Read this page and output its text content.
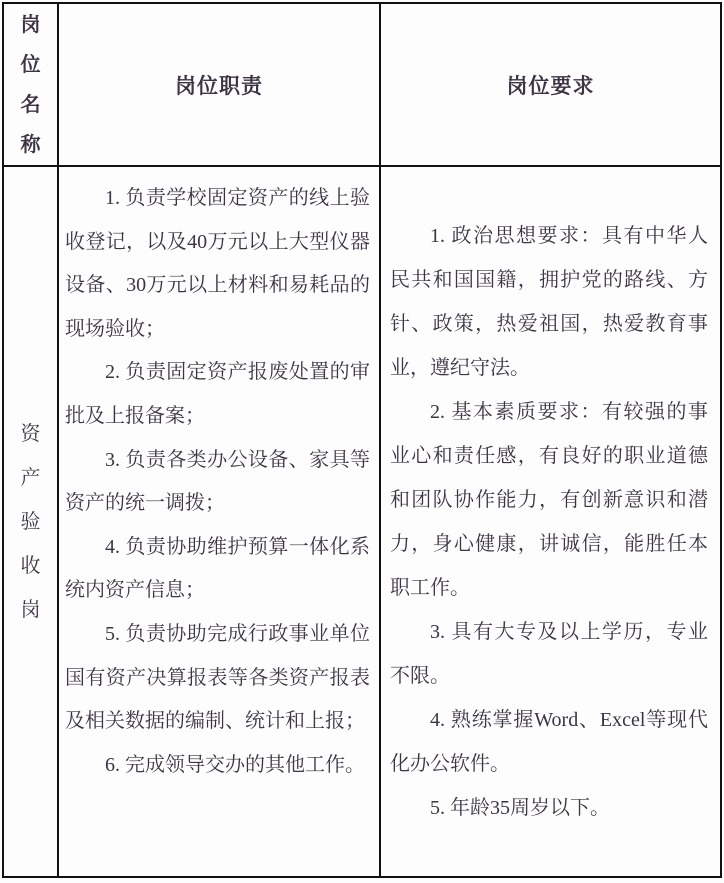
岗位名称
岗位职责	岗位要求
资产验收岗

1. 负责学校固定资产的线上验收登记，以及40万元以上大型仪器设备、30万元以上材料和易耗品的现场验收；

2. 负责固定资产报废处置的审批及上报备案；

3. 负责各类办公设备、家具等资产的统一调拨；

4. 负责协助维护预算一体化系统内资产信息；

5. 负责协助完成行政事业单位国有资产决算报表等各类资产报表及相关数据的编制、统计和上报；

6. 完成领导交办的其他工作。

1. 政治思想要求：具有中华人民共和国国籍，拥护党的路线、方针、政策，热爱祖国，热爱教育事业，遵纪守法。

2. 基本素质要求：有较强的事业心和责任感，有良好的职业道德和团队协作能力，有创新意识和潜力，身心健康，讲诚信，能胜任本职工作。

3. 具有大专及以上学历，专业不限。

4. 熟练掌握Word、Excel等现代化办公软件。

5. 年龄35周岁以下。
